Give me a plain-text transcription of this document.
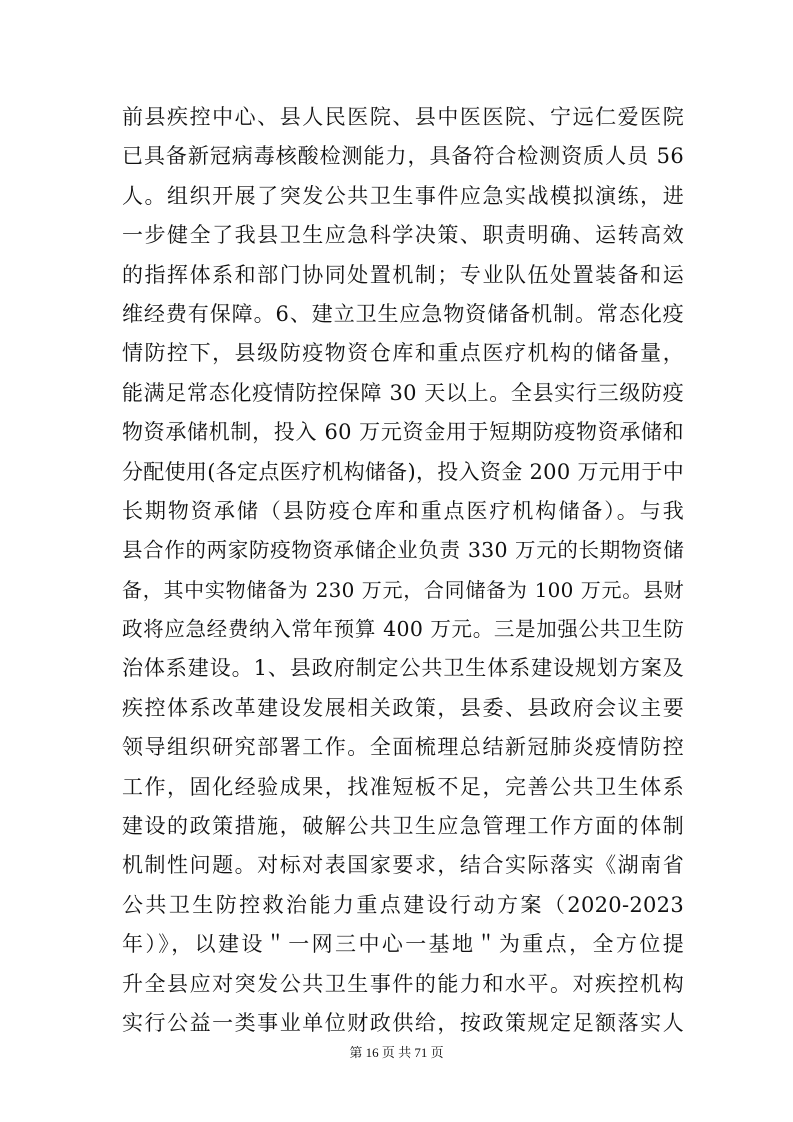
前县疾控中心、县人民医院、县中医医院、宁远仁爱医院
已具备新冠病毒核酸检测能力，具备符合检测资质人员 56
人。组织开展了突发公共卫生事件应急实战模拟演练，进
一步健全了我县卫生应急科学决策、职责明确、运转高效
的指挥体系和部门协同处置机制；专业队伍处置装备和运
维经费有保障。6、建立卫生应急物资储备机制。常态化疫
情防控下，县级防疫物资仓库和重点医疗机构的储备量，
能满足常态化疫情防控保障 30 天以上。全县实行三级防疫
物资承储机制，投入 60 万元资金用于短期防疫物资承储和
分配使用(各定点医疗机构储备)，投入资金 200 万元用于中
长期物资承储（县防疫仓库和重点医疗机构储备）。与我
县合作的两家防疫物资承储企业负责 330 万元的长期物资储
备，其中实物储备为 230 万元，合同储备为 100 万元。县财
政将应急经费纳入常年预算 400 万元。三是加强公共卫生防
治体系建设。1、县政府制定公共卫生体系建设规划方案及
疾控体系改革建设发展相关政策，县委、县政府会议主要
领导组织研究部署工作。全面梳理总结新冠肺炎疫情防控
工作，固化经验成果，找准短板不足，完善公共卫生体系
建设的政策措施，破解公共卫生应急管理工作方面的体制
机制性问题。对标对表国家要求，结合实际落实《湖南省
公共卫生防控救治能力重点建设行动方案（2020-2023
年）》，以建设＂一网三中心一基地＂为重点，全方位提
升全县应对突发公共卫生事件的能力和水平。对疾控机构
实行公益一类事业单位财政供给，按政策规定足额落实人
第 16 页 共 71 页
